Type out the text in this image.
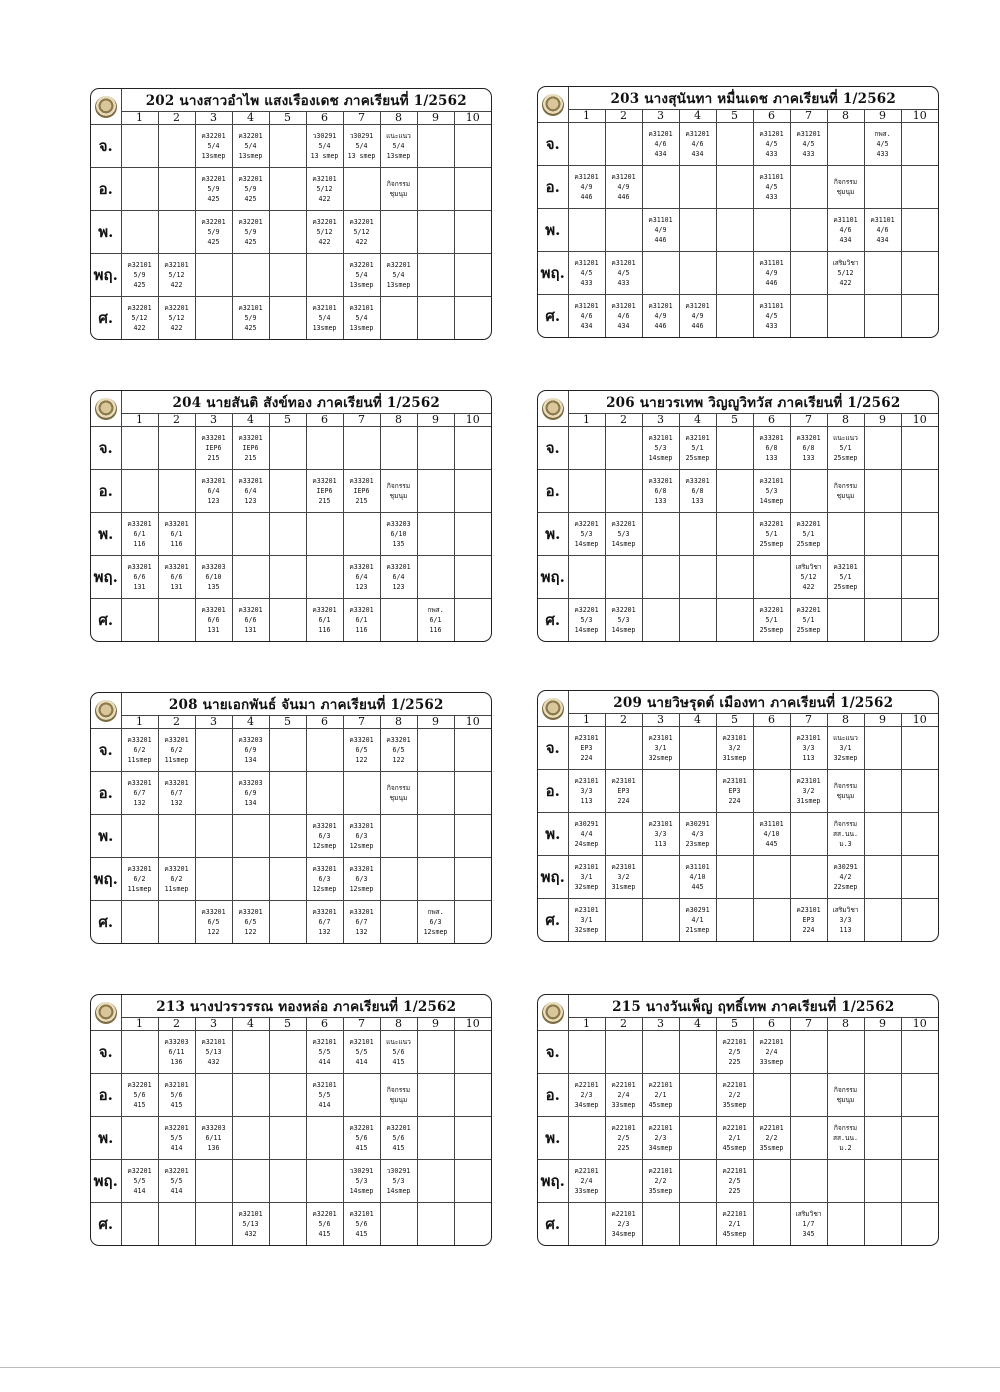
	202 นางสาวอำไพ แสงเรืองเดช ภาคเรียนที่ 1/2562									
	1	2	3	4	5	6	7	8	9	10
จ.			ค32201
5/4
13smep	ค32201
5/4
13smep		ว30291
5/4
13 smep	ว30291
5/4
13 smep	แนะแนว
5/4
13smep		

อ.			ค32201
5/9
425	ค32201
5/9
425		ค32101
5/12
422		กิจกรรม
ชุมนุม		

พ.			ค32201
5/9
425	ค32201
5/9
425		ค32201
5/12
422	ค32201
5/12
422			

พฤ.	ค32101
5/9
425	ค32101
5/12
422					ค32201
5/4
13smep	ค32201
5/4
13smep		

ศ.	ค32201
5/12
422	ค32201
5/12
422		ค32101
5/9
425		ค32101
5/4
13smep	ค32101
5/4
13smep			

	203 นางสุนันทา หมื่นเดช ภาคเรียนที่ 1/2562									
	1	2	3	4	5	6	7	8	9	10
จ.			ค31201
4/6
434	ค31201
4/6
434		ค31201
4/5
433	ค31201
4/5
433		กพส.
4/5
433	

อ.	ค31201
4/9
446	ค31201
4/9
446				ค31101
4/5
433		กิจกรรม
ชุมนุม		

พ.			ค31101
4/9
446					ค31101
4/6
434	ค31101
4/6
434	

พฤ.	ค31201
4/5
433	ค31201
4/5
433				ค31101
4/9
446		เสริมวิชา
5/12
422		

ศ.	ค31201
4/6
434	ค31201
4/6
434	ค31201
4/9
446	ค31201
4/9
446		ค31101
4/5
433				

	204 นายสันติ สังข์ทอง ภาคเรียนที่ 1/2562									
	1	2	3	4	5	6	7	8	9	10
จ.			ค33201
IEP6
215	ค33201
IEP6
215						

อ.			ค33201
6/4
123	ค33201
6/4
123		ค33201
IEP6
215	ค33201
IEP6
215	กิจกรรม
ชุมนุม		

พ.	ค33201
6/1
116	ค33201
6/1
116						ค33203
6/10
135		

พฤ.	ค33201
6/6
131	ค33201
6/6
131	ค33203
6/10
135				ค33201
6/4
123	ค33201
6/4
123		

ศ.			ค33201
6/6
131	ค33201
6/6
131		ค33201
6/1
116	ค33201
6/1
116		กพส.
6/1
116	

	206 นายวรเทพ วิญญูวิทวัส ภาคเรียนที่ 1/2562									
	1	2	3	4	5	6	7	8	9	10
จ.			ค32101
5/3
14smep	ค32101
5/1
25smep		ค33201
6/8
133	ค33201
6/8
133	แนะแนว
5/1
25smep		

อ.			ค33201
6/8
133	ค33201
6/8
133		ค32101
5/3
14smep		กิจกรรม
ชุมนุม		

พ.	ค32201
5/3
14smep	ค32201
5/3
14smep				ค32201
5/1
25smep	ค32201
5/1
25smep			

พฤ.							เสริมวิชา
5/12
422	ค32101
5/1
25smep		

ศ.	ค32201
5/3
14smep	ค32201
5/3
14smep				ค32201
5/1
25smep	ค32201
5/1
25smep			

	208 นายเอกพันธ์ จันมา ภาคเรียนที่ 1/2562									
	1	2	3	4	5	6	7	8	9	10
จ.	ค33201
6/2
11smep	ค33201
6/2
11smep		ค33203
6/9
134			ค33201
6/5
122	ค33201
6/5
122		

อ.	ค33201
6/7
132	ค33201
6/7
132		ค33203
6/9
134				กิจกรรม
ชุมนุม		

พ.						ค33201
6/3
12smep	ค33201
6/3
12smep			

พฤ.	ค33201
6/2
11smep	ค33201
6/2
11smep				ค33201
6/3
12smep	ค33201
6/3
12smep			

ศ.			ค33201
6/5
122	ค33201
6/5
122		ค33201
6/7
132	ค33201
6/7
132		กพส.
6/3
12smep	

	209 นายวิษรุดต์ เมืองทา ภาคเรียนที่ 1/2562									
	1	2	3	4	5	6	7	8	9	10
จ.	ค23101
EP3
224		ค23101
3/1
32smep		ค23101
3/2
31smep		ค23101
3/3
113	แนะแนว
3/1
32smep		

อ.	ค23101
3/3
113	ค23101
EP3
224			ค23101
EP3
224		ค23101
3/2
31smep	กิจกรรม
ชุมนุม		

พ.	ค30291
4/4
24smep		ค23101
3/3
113	ค30291
4/3
23smep		ค31101
4/10
445		กิจกรรม
สส.นน.
ม.3		

พฤ.	ค23101
3/1
32smep	ค23101
3/2
31smep		ค31101
4/10
445				ค30291
4/2
22smep		

ศ.	ค23101
3/1
32smep			ค30291
4/1
21smep			ค23101
EP3
224	เสริมวิชา
3/3
113		

	213 นางปวรวรรณ ทองหล่อ ภาคเรียนที่ 1/2562									
	1	2	3	4	5	6	7	8	9	10
จ.		ค33203
6/11
136	ค32101
5/13
432			ค32101
5/5
414	ค32101
5/5
414	แนะแนว
5/6
415		

อ.	ค32201
5/6
415	ค32101
5/6
415				ค32101
5/5
414		กิจกรรม
ชุมนุม		

พ.		ค32201
5/5
414	ค33203
6/11
136				ค32201
5/6
415	ค32201
5/6
415		

พฤ.	ค32201
5/5
414	ค32201
5/5
414					ว30291
5/3
14smep	ว30291
5/3
14smep		

ศ.				ค32101
5/13
432		ค32201
5/6
415	ค32101
5/6
415			

	215 นางวันเพ็ญ ฤทธิ์เทพ ภาคเรียนที่ 1/2562									
	1	2	3	4	5	6	7	8	9	10
จ.					ค22101
2/5
225	ค22101
2/4
33smep				

อ.	ค22101
2/3
34smep	ค22101
2/4
33smep	ค22101
2/1
45smep		ค22101
2/2
35smep			กิจกรรม
ชุมนุม		

พ.		ค22101
2/5
225	ค22101
2/3
34smep		ค22101
2/1
45smep	ค22101
2/2
35smep		กิจกรรม
สส.นน.
ม.2		

พฤ.	ค22101
2/4
33smep		ค22101
2/2
35smep		ค22101
2/5
225					

ศ.		ค22101
2/3
34smep			ค22101
2/1
45smep		เสริมวิชา
1/7
345			
